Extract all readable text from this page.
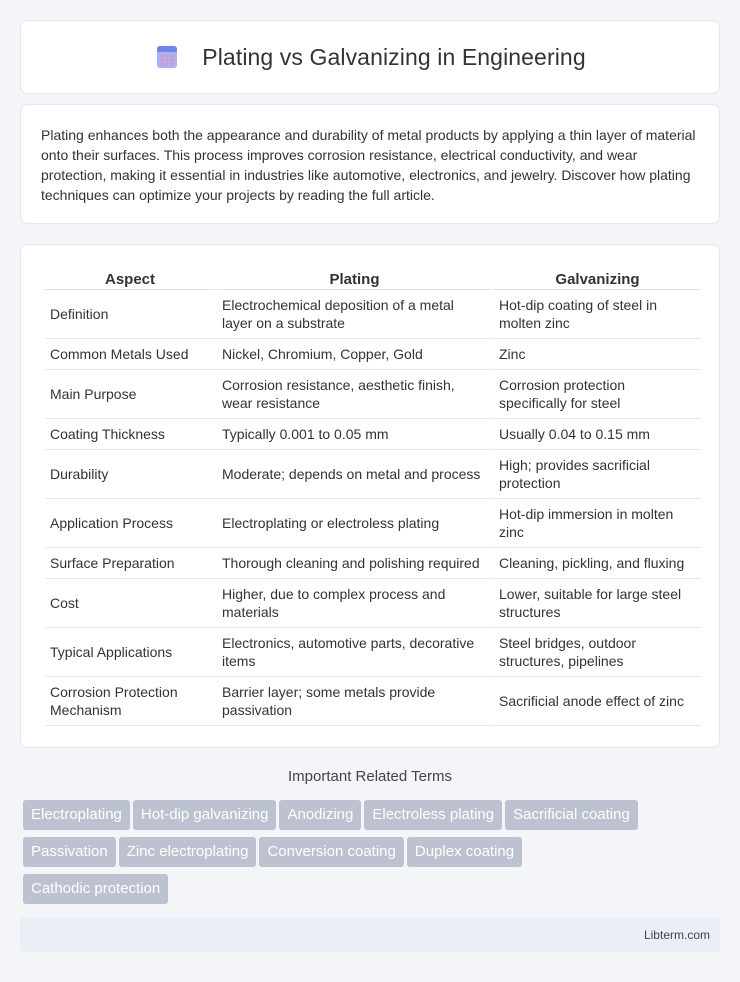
Plating vs Galvanizing in Engineering

Plating enhances both the appearance and durability of metal products by applying a thin layer of material onto their surfaces. This process improves corrosion resistance, electrical conductivity, and wear protection, making it essential in industries like automotive, electronics, and jewelry. Discover how plating techniques can optimize your projects by reading the full article.

Aspect	Plating	Galvanizing
Definition	Electrochemical deposition of a metal layer on a substrate	Hot-dip coating of steel in molten zinc
Common Metals Used	Nickel, Chromium, Copper, Gold	Zinc
Main Purpose	Corrosion resistance, aesthetic finish, wear resistance	Corrosion protection specifically for steel
Coating Thickness	Typically 0.001 to 0.05 mm	Usually 0.04 to 0.15 mm
Durability	Moderate; depends on metal and process	High; provides sacrificial protection
Application Process	Electroplating or electroless plating	Hot-dip immersion in molten zinc
Surface Preparation	Thorough cleaning and polishing required	Cleaning, pickling, and fluxing
Cost	Higher, due to complex process and materials	Lower, suitable for large steel structures
Typical Applications	Electronics, automotive parts, decorative items	Steel bridges, outdoor structures, pipelines
Corrosion Protection Mechanism	Barrier layer; some metals provide passivation	Sacrificial anode effect of zinc
Important Related Terms
Electroplating Hot-dip galvanizing Anodizing Electroless plating Sacrificial coating
Passivation Zinc electroplating Conversion coating Duplex coating
Cathodic protection
Libterm.com
